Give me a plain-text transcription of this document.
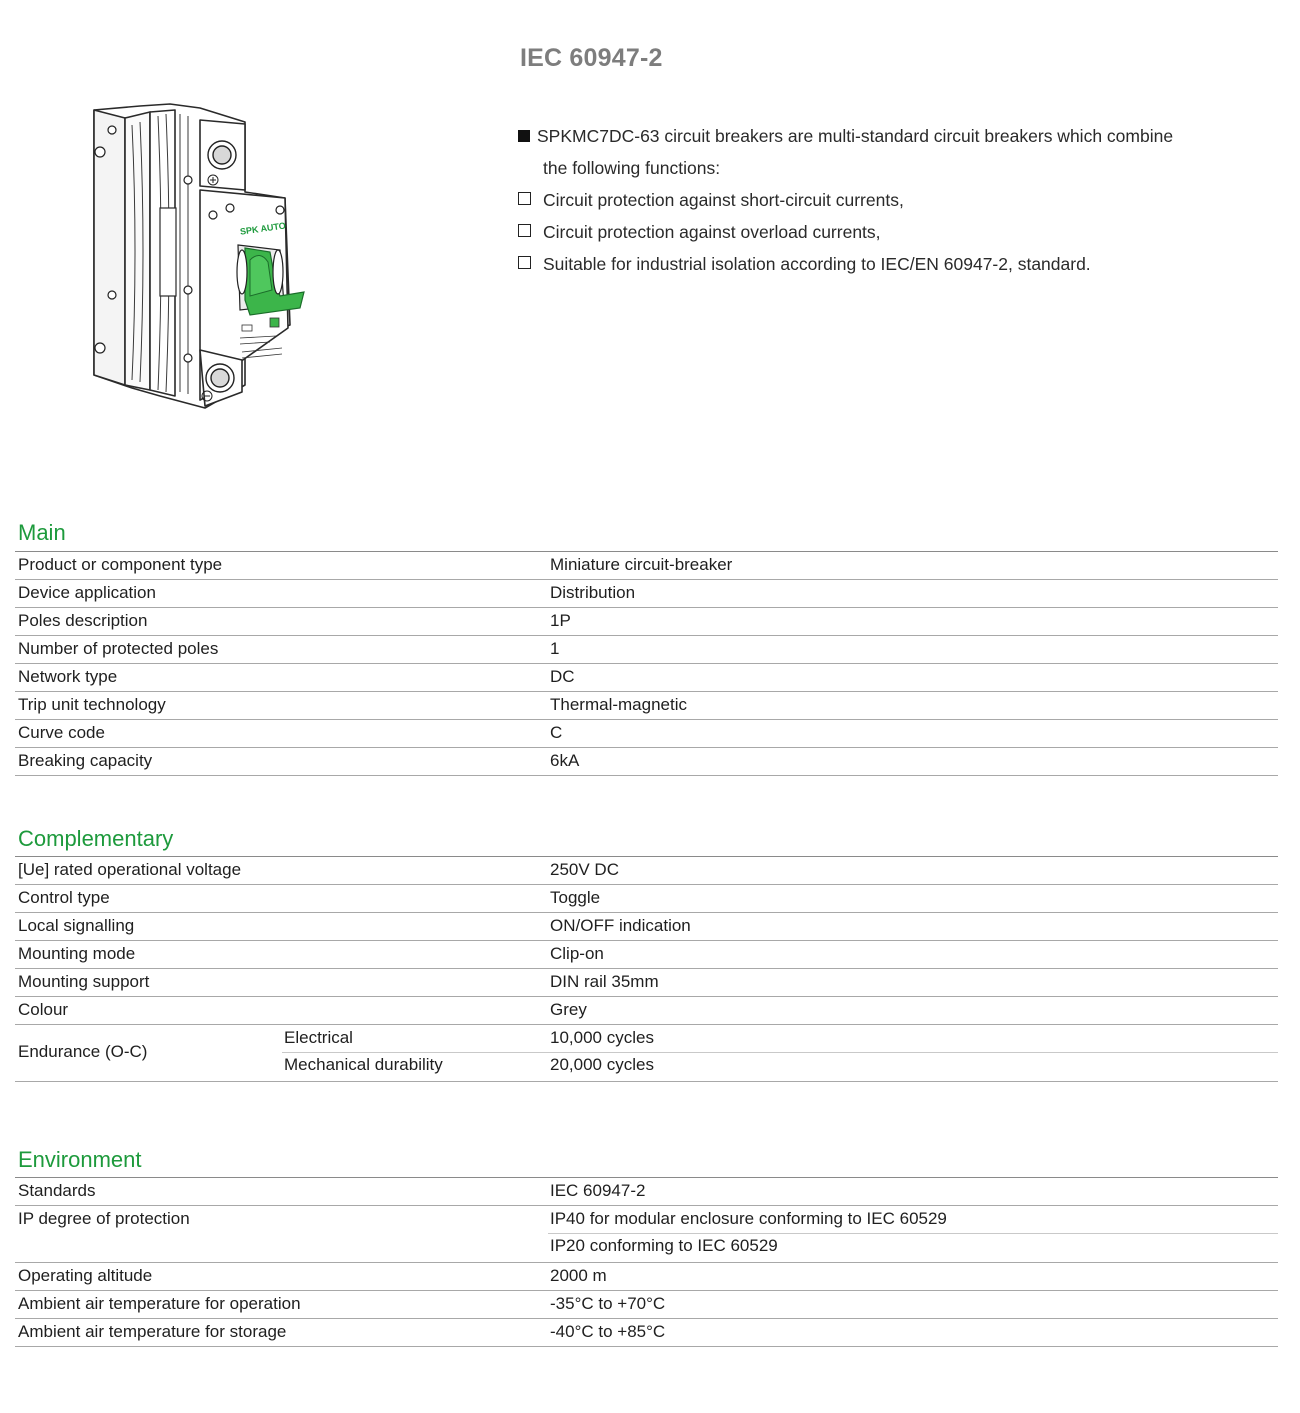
IEC 60947-2
SPK AUTO
SPKMC7DC-63 circuit breakers are multi-standard circuit breakers which combine
the following functions:
Circuit protection against short-circuit currents,
Circuit protection against overload currents,
Suitable for industrial isolation according to IEC/EN 60947-2, standard.
Main
Product or component type	Miniature circuit-breaker
Device application	Distribution
Poles description	1P
Number of protected poles	1
Network type	DC
Trip unit technology	Thermal-magnetic
Curve code	C
Breaking capacity	6kA
Complementary
[Ue] rated operational voltage	250V DC
Control type	Toggle
Local signalling	ON/OFF indication
Mounting mode	Clip-on
Mounting support	DIN rail 35mm
Colour	Grey
Endurance (O-C)
Electrical	10,000 cycles
Mechanical durability	20,000 cycles
Environment
Standards	IEC 60947-2
IP degree of protection	IP40 for modular enclosure conforming to IEC 60529
IP20 conforming to IEC 60529
Operating altitude	2000 m
Ambient air temperature for operation	-35°C to +70°C
Ambient air temperature for storage	-40°C to +85°C
